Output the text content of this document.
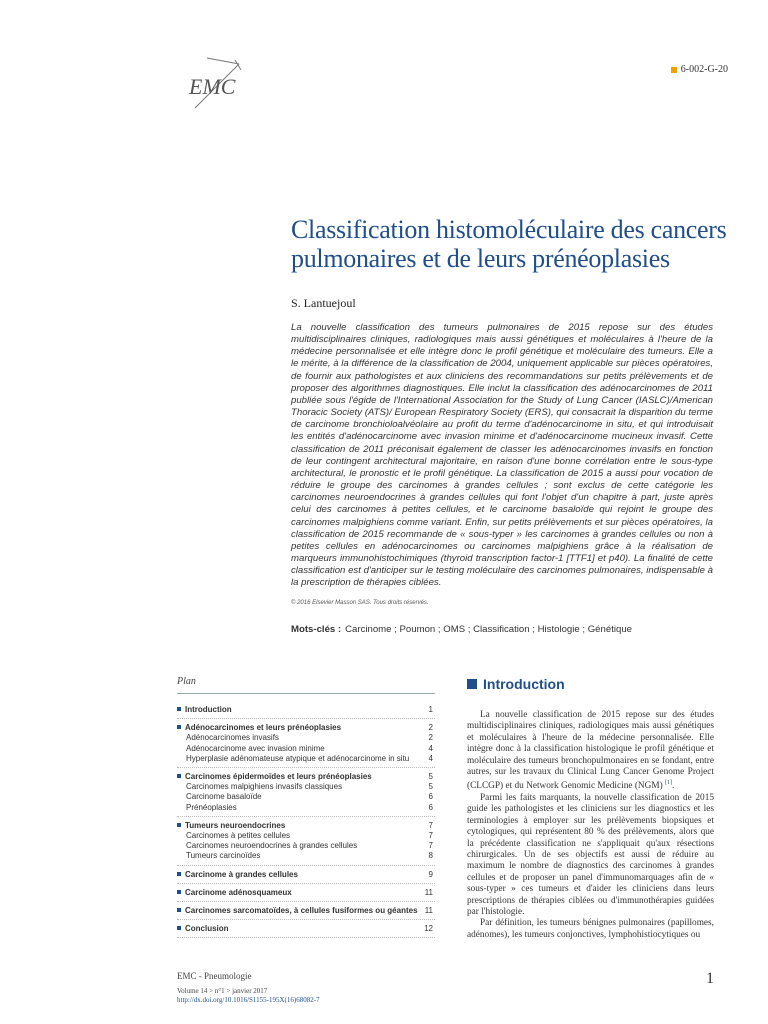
EMC
6-002-G-20
Classification histomoléculaire des cancers pulmonaires et de leurs prénéoplasies
S. Lantuejoul

La nouvelle classification des tumeurs pulmonaires de 2015 repose sur des études multidisciplinaires cliniques, radiologiques mais aussi génétiques et moléculaires à l'heure de la médecine personnalisée et elle intègre donc le profil génétique et moléculaire des tumeurs. Elle a le mérite, à la différence de la classification de 2004, uniquement applicable sur pièces opératoires, de fournir aux pathologistes et aux cliniciens des recommandations sur petits prélèvements et de proposer des algorithmes diagnostiques. Elle inclut la classification des adénocarcinomes de 2011 publiée sous l'égide de l'International Association for the Study of Lung Cancer (IASLC)/American Thoracic Society (ATS)/ European Respiratory Society (ERS), qui consacrait la disparition du terme de carcinome bronchioloalvéolaire au profit du terme d'adénocarcinome in situ, et qui introduisait les entités d'adénocarcinome avec invasion minime et d'adénocarcinome mucineux invasif. Cette classification de 2011 préconisait également de classer les adénocarcinomes invasifs en fonction de leur contingent architectural majoritaire, en raison d'une bonne corrélation entre le sous-type architectural, le pronostic et le profil génétique. La classification de 2015 a aussi pour vocation de réduire le groupe des carcinomes à grandes cellules ; sont exclus de cette catégorie les carcinomes neuroendocrines à grandes cellules qui font l'objet d'un chapitre à part, juste après celui des carcinomes à petites cellules, et le carcinome basaloïde qui rejoint le groupe des carcinomes malpighiens comme variant. Enfin, sur petits prélèvements et sur pièces opératoires, la classification de 2015 recommande de « sous-typer » les carcinomes à grandes cellules ou non à petites cellules en adénocarcinomes ou carcinomes malpighiens grâce à la réalisation de marqueurs immunohistochimiques (thyroid transcription factor-1 [TTF1] et p40). La finalité de cette classification est d'anticiper sur le testing moléculaire des carcinomes pulmonaires, indispensable à la prescription de thérapies ciblées.

© 2016 Elsevier Masson SAS. Tous droits réservés.
Mots-clés : Carcinome ; Poumon ; OMS ; Classification ; Histologie ; Génétique
Plan
Introduction	1
Adénocarcinomes et leurs prénéoplasies	2
Adénocarcinomes invasifs	2
Adénocarcinome avec invasion minime	4
Hyperplasie adénomateuse atypique et adénocarcinome in situ 4
Carcinomes épidermoïdes et leurs prénéoplasies	5
Carcinomes malpighiens invasifs classiques	5
Carcinome basaloïde	6
Prénéoplasies	6
Tumeurs neuroendocrines	7
Carcinomes à petites cellules	7
Carcinomes neuroendocrines à grandes cellules	7
Tumeurs carcinoïdes	8
Carcinome à grandes cellules	9
Carcinome adénosquameux	11
Carcinomes sarcomatoïdes, à cellules fusiformes ou géantes 11
Conclusion	12
Introduction

La nouvelle classification de 2015 repose sur des études multidisciplinaires cliniques, radiologiques mais aussi génétiques et moléculaires à l'heure de la médecine personnalisée. Elle intègre donc à la classification histologique le profil génétique et moléculaire des tumeurs bronchopulmonaires en se fondant, entre autres, sur les travaux du Clinical Lung Cancer Genome Project (CLCGP) et du Network Genomic Medicine (NGM) [1].

Parmi les faits marquants, la nouvelle classification de 2015 guide les pathologistes et les cliniciens sur les diagnostics et les terminologies à employer sur les prélèvements biopsiques et cytologiques, qui représentent 80 % des prélèvements, alors que la précédente classification ne s'appliquait qu'aux résections chirurgicales. Un de ses objectifs est aussi de réduire au maximum le nombre de diagnostics des carcinomes à grandes cellules et de proposer un panel d'immunomarquages afin de « sous-typer » ces tumeurs et d'aider les cliniciens dans leurs prescriptions de thérapies ciblées ou d'immunothérapies guidées par l'histologie.

Par définition, les tumeurs bénignes pulmonaires (papillomes, adénomes), les tumeurs conjonctives, lymphohistiocytiques ou

EMC - Pneumologie
Volume 14 > n°1 > janvier 2017
http://dx.doi.org/10.1016/S1155-195X(16)68082-7
1
